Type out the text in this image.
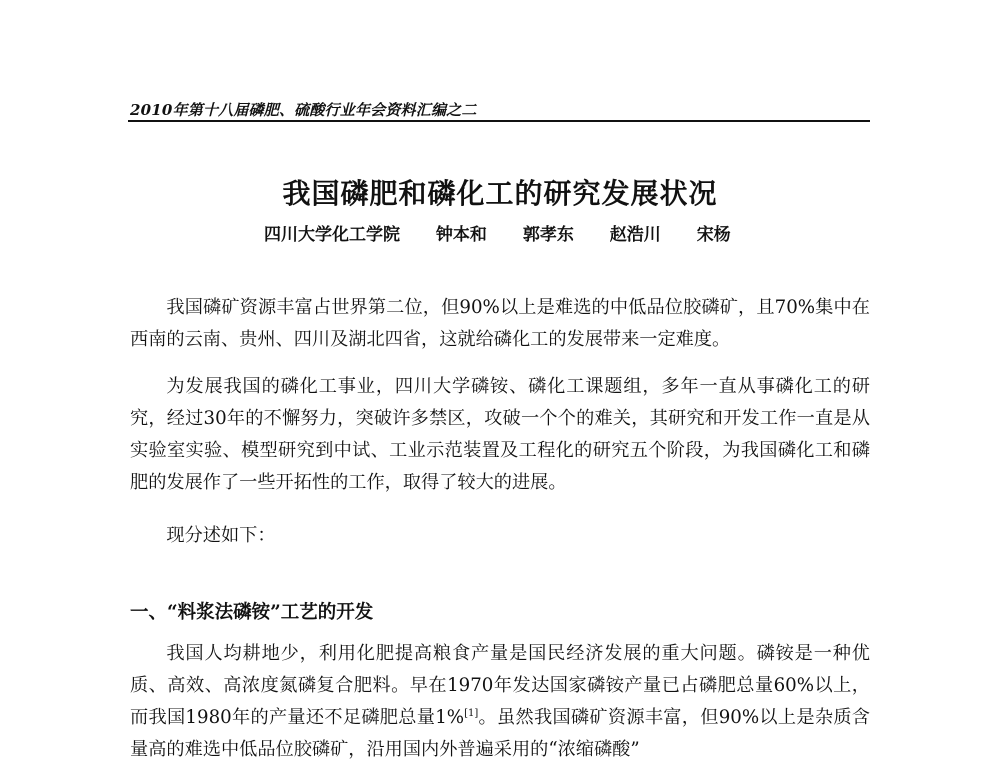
2010年第十八届磷肥、硫酸行业年会资料汇编之二
我国磷肥和磷化工的研究发展状况
四川大学化工学院 钟本和 郭孝东 赵浩川 宋杨

我国磷矿资源丰富占世界第二位，但90%以上是难选的中低品位胶磷矿，且70%集中在西南的云南、贵州、四川及湖北四省，这就给磷化工的发展带来一定难度。

为发展我国的磷化工事业，四川大学磷铵、磷化工课题组，多年一直从事磷化工的研究，经过30年的不懈努力，突破许多禁区，攻破一个个的难关，其研究和开发工作一直是从实验室实验、模型研究到中试、工业示范装置及工程化的研究五个阶段，为我国磷化工和磷肥的发展作了一些开拓性的工作，取得了较大的进展。

现分述如下：

一、“料浆法磷铵”工艺的开发

我国人均耕地少，利用化肥提高粮食产量是国民经济发展的重大问题。磷铵是一种优质、高效、高浓度氮磷复合肥料。早在1970年发达国家磷铵产量已占磷肥总量60%以上，而我国1980年的产量还不足磷肥总量1%[1]。虽然我国磷矿资源丰富，但90%以上是杂质含量高的难选中低品位胶磷矿，沿用国内外普遍采用的“浓缩磷酸”
